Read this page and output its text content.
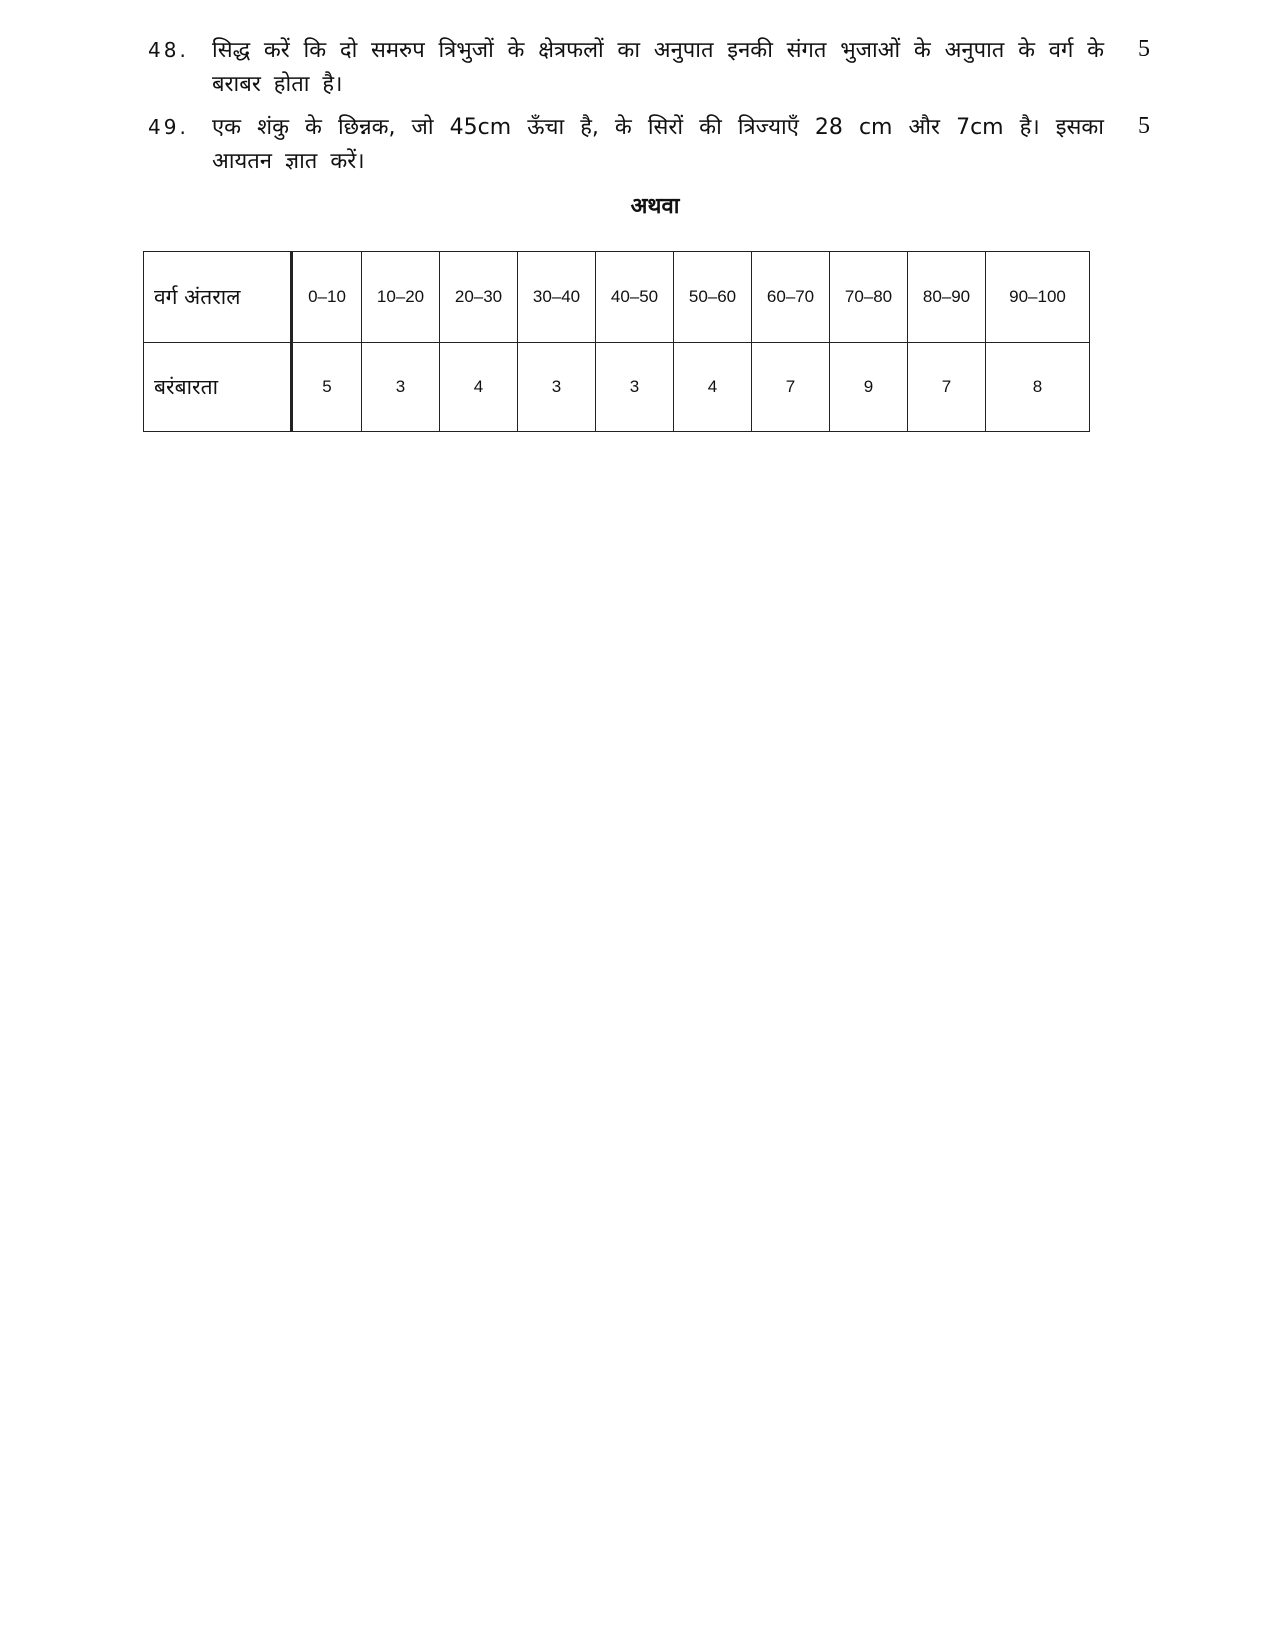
48. सिद्ध करें कि दो समरुप त्रिभुजों के क्षेत्रफलों का अनुपात इनकी संगत भुजाओं के अनुपात के वर्ग के बराबर होता है।
5
49. एक शंकु के छिन्नक, जो 45cm ऊँचा है, के सिरों की त्रिज्याएँ 28 cm और 7cm है। इसका आयतन ज्ञात करें।
5
अथवा
वर्ग अंतराल	0–10	10–20	20–30	30–40	40–50	50–60	60–70	70–80	80–90	90–100
बरंबारता	5	3	4	3	3	4	7	9	7	8
